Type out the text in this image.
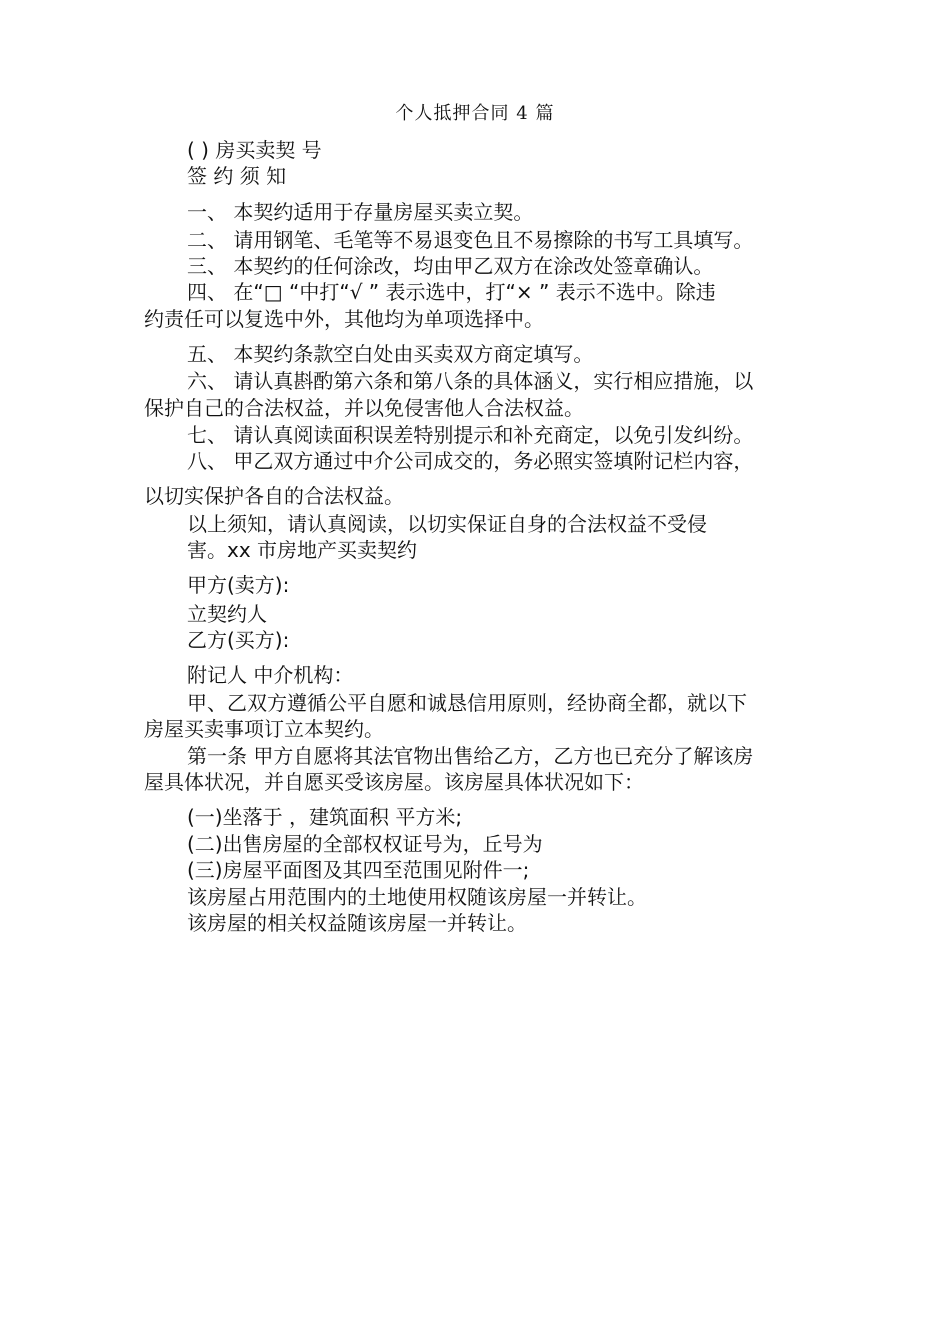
个人抵押合同 4 篇
( ) 房买卖契 号
签 约 须 知
一、 本契约适用于存量房屋买卖立契。
二、 请用钢笔、毛笔等不易退变色且不易擦除的书写工具填写。
三、 本契约的任何涂改，均由甲乙双方在涂改处签章确认。
四、 在“□ “中打“√ ” 表示选中，打“× ” 表示不选中。除违
约责任可以复选中外，其他均为单项选择中。
五、 本契约条款空白处由买卖双方商定填写。
六、 请认真斟酌第六条和第八条的具体涵义，实行相应措施，以
保护自己的合法权益，并以免侵害他人合法权益。
七、 请认真阅读面积误差特别提示和补充商定，以免引发纠纷。
八、 甲乙双方通过中介公司成交的，务必照实签填附记栏内容，
以切实保护各自的合法权益。
以上须知，请认真阅读，以切实保证自身的合法权益不受侵
害。xx 市房地产买卖契约
甲方(卖方):
立契约人
乙方(买方):
附记人 中介机构：
甲、乙双方遵循公平自愿和诚恳信用原则，经协商全都，就以下
房屋买卖事项订立本契约。
第一条 甲方自愿将其法官物出售给乙方，乙方也已充分了解该房
屋具体状况，并自愿买受该房屋。该房屋具体状况如下：
(一)坐落于 ，建筑面积 平方米;
(二)出售房屋的全部权权证号为，丘号为
(三)房屋平面图及其四至范围见附件一;
该房屋占用范围内的土地使用权随该房屋一并转让。
该房屋的相关权益随该房屋一并转让。
